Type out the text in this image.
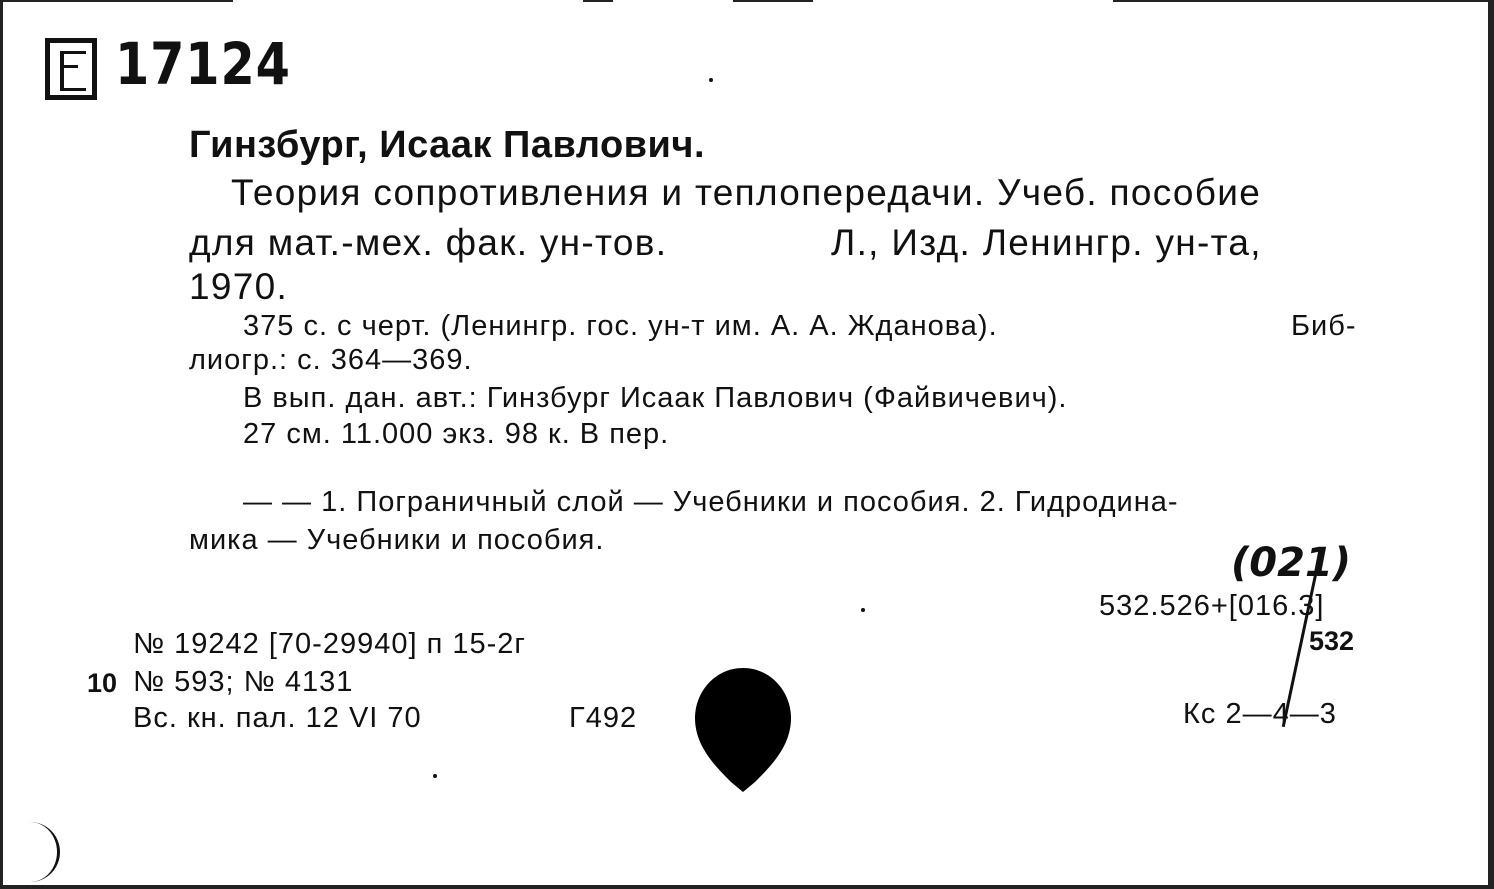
17124
Гинзбург, Исаак Павлович.
Теория сопротивления и теплопередачи. Учеб. пособие
для мат.-мех. фак. ун-тов.	Л., Изд. Ленингр. ун-та,
1970.
375 с. с черт. (Ленингр. гос. ун-т им. А. А. Жданова).	Биб-
лиогр.: с. 364—369.
В вып. дан. авт.: Гинзбург Исаак Павлович (Файвичевич).
27 см. 11.000 экз. 98 к. В пер.
— — 1. Пограничный слой — Учебники и пособия. 2. Гидродина-
мика — Учебники и пособия.	(021)
532.526+[016.3]
532
Кс 2—4—3
№ 19242 [70-29940] п 15-2г
10 № 593; № 4131
Вс. кн. пал. 12 VI 70	Г492
